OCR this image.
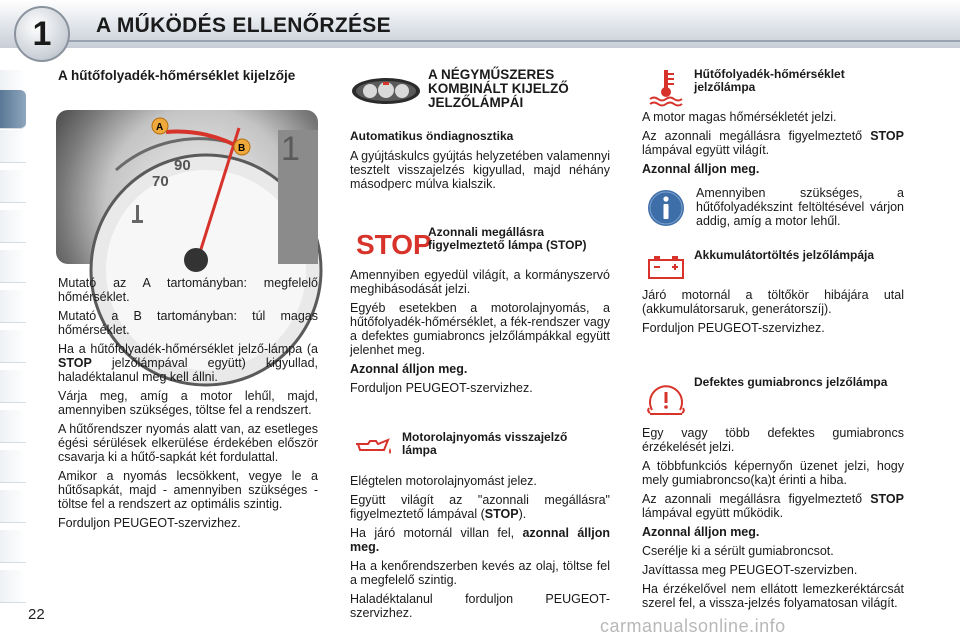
1	A MŰKÖDÉS ELLENŐRZÉSE
A hűtőfolyadék-hőmérséklet kijelzője
1
70
90
A
B

Mutató az A tartományban: megfelelő hőmérséklet.

Mutató a B tartományban: túl magas hőmérséklet.

Ha a hűtőfolyadék-hőmérséklet jelző-lámpa (a STOP jelzőlámpával együtt) kigyullad, haladéktalanul meg kell állni.

Várja meg, amíg a motor lehűl, majd, amennyiben szükséges, töltse fel a rendszert.

A hűtőrendszer nyomás alatt van, az esetleges égési sérülések elkerülése érdekében először csavarja ki a hűtő-sapkát két fordulattal.

Amikor a nyomás lecsökkent, vegye le a hűtősapkát, majd - amennyiben szükséges - töltse fel a rendszert az optimális szintig.

Forduljon PEUGEOT-szervizhez.

A NÉGYMŰSZERES KOMBINÁLT KIJELZŐ JELZŐLÁMPÁI

Automatikus öndiagnosztika

A gyújtáskulcs gyújtás helyzetében valamennyi tesztelt visszajelzés kigyullad, majd néhány másodperc múlva kialszik.

STOP
Azonnali megállásra figyelmeztető lámpa (STOP)

Amennyiben egyedül világít, a kormányszervó meghibásodását jelzi.

Egyéb esetekben a motorolajnyomás, a hűtőfolyadék-hőmérséklet, a fék-rendszer vagy a defektes gumiabroncs jelzőlámpákkal együtt jelenhet meg.

Azonnal álljon meg.

Forduljon PEUGEOT-szervizhez.

Motorolajnyomás visszajelző lámpa

Elégtelen motorolajnyomást jelez.

Együtt világít az "azonnali megállásra" figyelmeztető lámpával (STOP).

Ha járó motornál villan fel, azonnal álljon meg.

Ha a kenőrendszerben kevés az olaj, töltse fel a megfelelő szintig.

Haladéktalanul forduljon PEUGEOT-szervizhez.

Hűtőfolyadék-hőmérséklet jelzőlámpa

A motor magas hőmérsékletét jelzi.

Az azonnali megállásra figyelmeztető STOP lámpával együtt világít.

Azonnal álljon meg.

Amennyiben szükséges, a hűtőfolyadékszint feltöltésével várjon addig, amíg a motor lehűl.

Akkumulátortöltés jelzőlámpája

Járó motornál a töltőkör hibájára utal (akkumulátorsaruk, generátorszíj).

Forduljon PEUGEOT-szervizhez.

Defektes gumiabroncs jelzőlámpa

Egy vagy több defektes gumiabroncs érzékelését jelzi.

A többfunkciós képernyőn üzenet jelzi, hogy mely gumiabroncso(ka)t érinti a hiba.

Az azonnali megállásra figyelmeztető STOP lámpával együtt működik.

Azonnal álljon meg.

Cserélje ki a sérült gumiabroncsot.

Javíttassa meg PEUGEOT-szervizben.

Ha érzékelővel nem ellátott lemezkeréktárcsát szerel fel, a vissza-jelzés folyamatosan világít.

22
carmanualsonline.info
